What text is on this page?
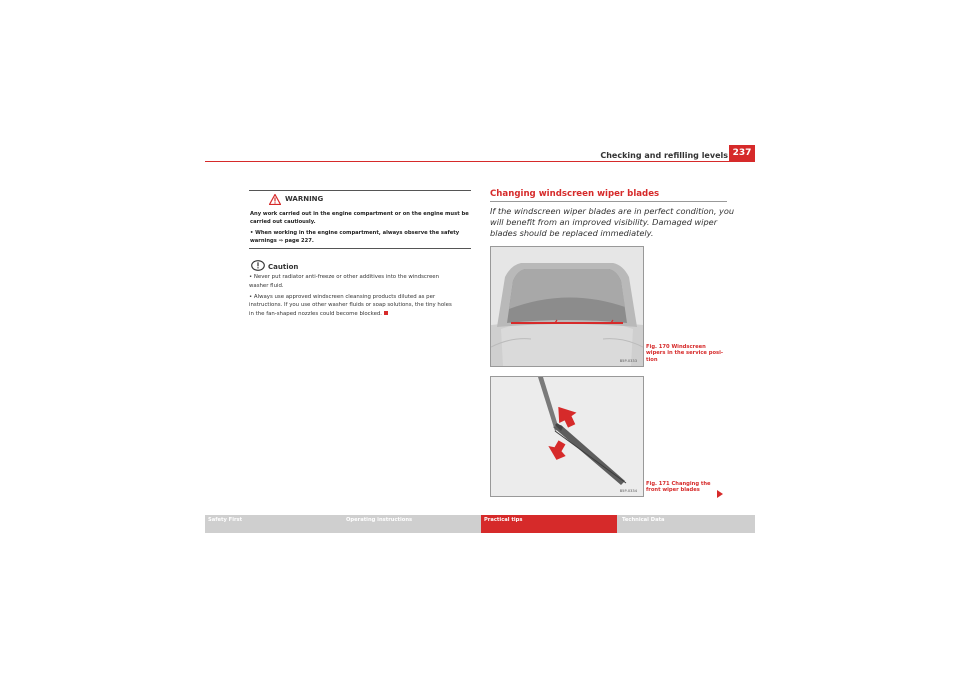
Checking and refilling levels 237
WARNING
Any work carried out in the engine compartment or on the engine must be
carried out cautiously.
• When working in the engine compartment, always observe the safety
warnings ⇒ page 227.
Caution
• Never put radiator anti-freeze or other additives into the windscreen
washer fluid.
• Always use approved windscreen cleansing products diluted as per
instructions. If you use other washer fluids or soap solutions, the tiny holes
in the fan-shaped nozzles could become blocked.
Changing windscreen wiper blades
If the windscreen wiper blades are in perfect condition, you
will benefit from an improved visibility. Damaged wiper
blades should be replaced immediately.
B5P-0333
Fig. 170 Windscreen
wipers in the service posi-
tion
B5P-0334
Fig. 171 Changing the
front wiper blades
Safety First	Operating instructions	Practical tips	Technical Data
